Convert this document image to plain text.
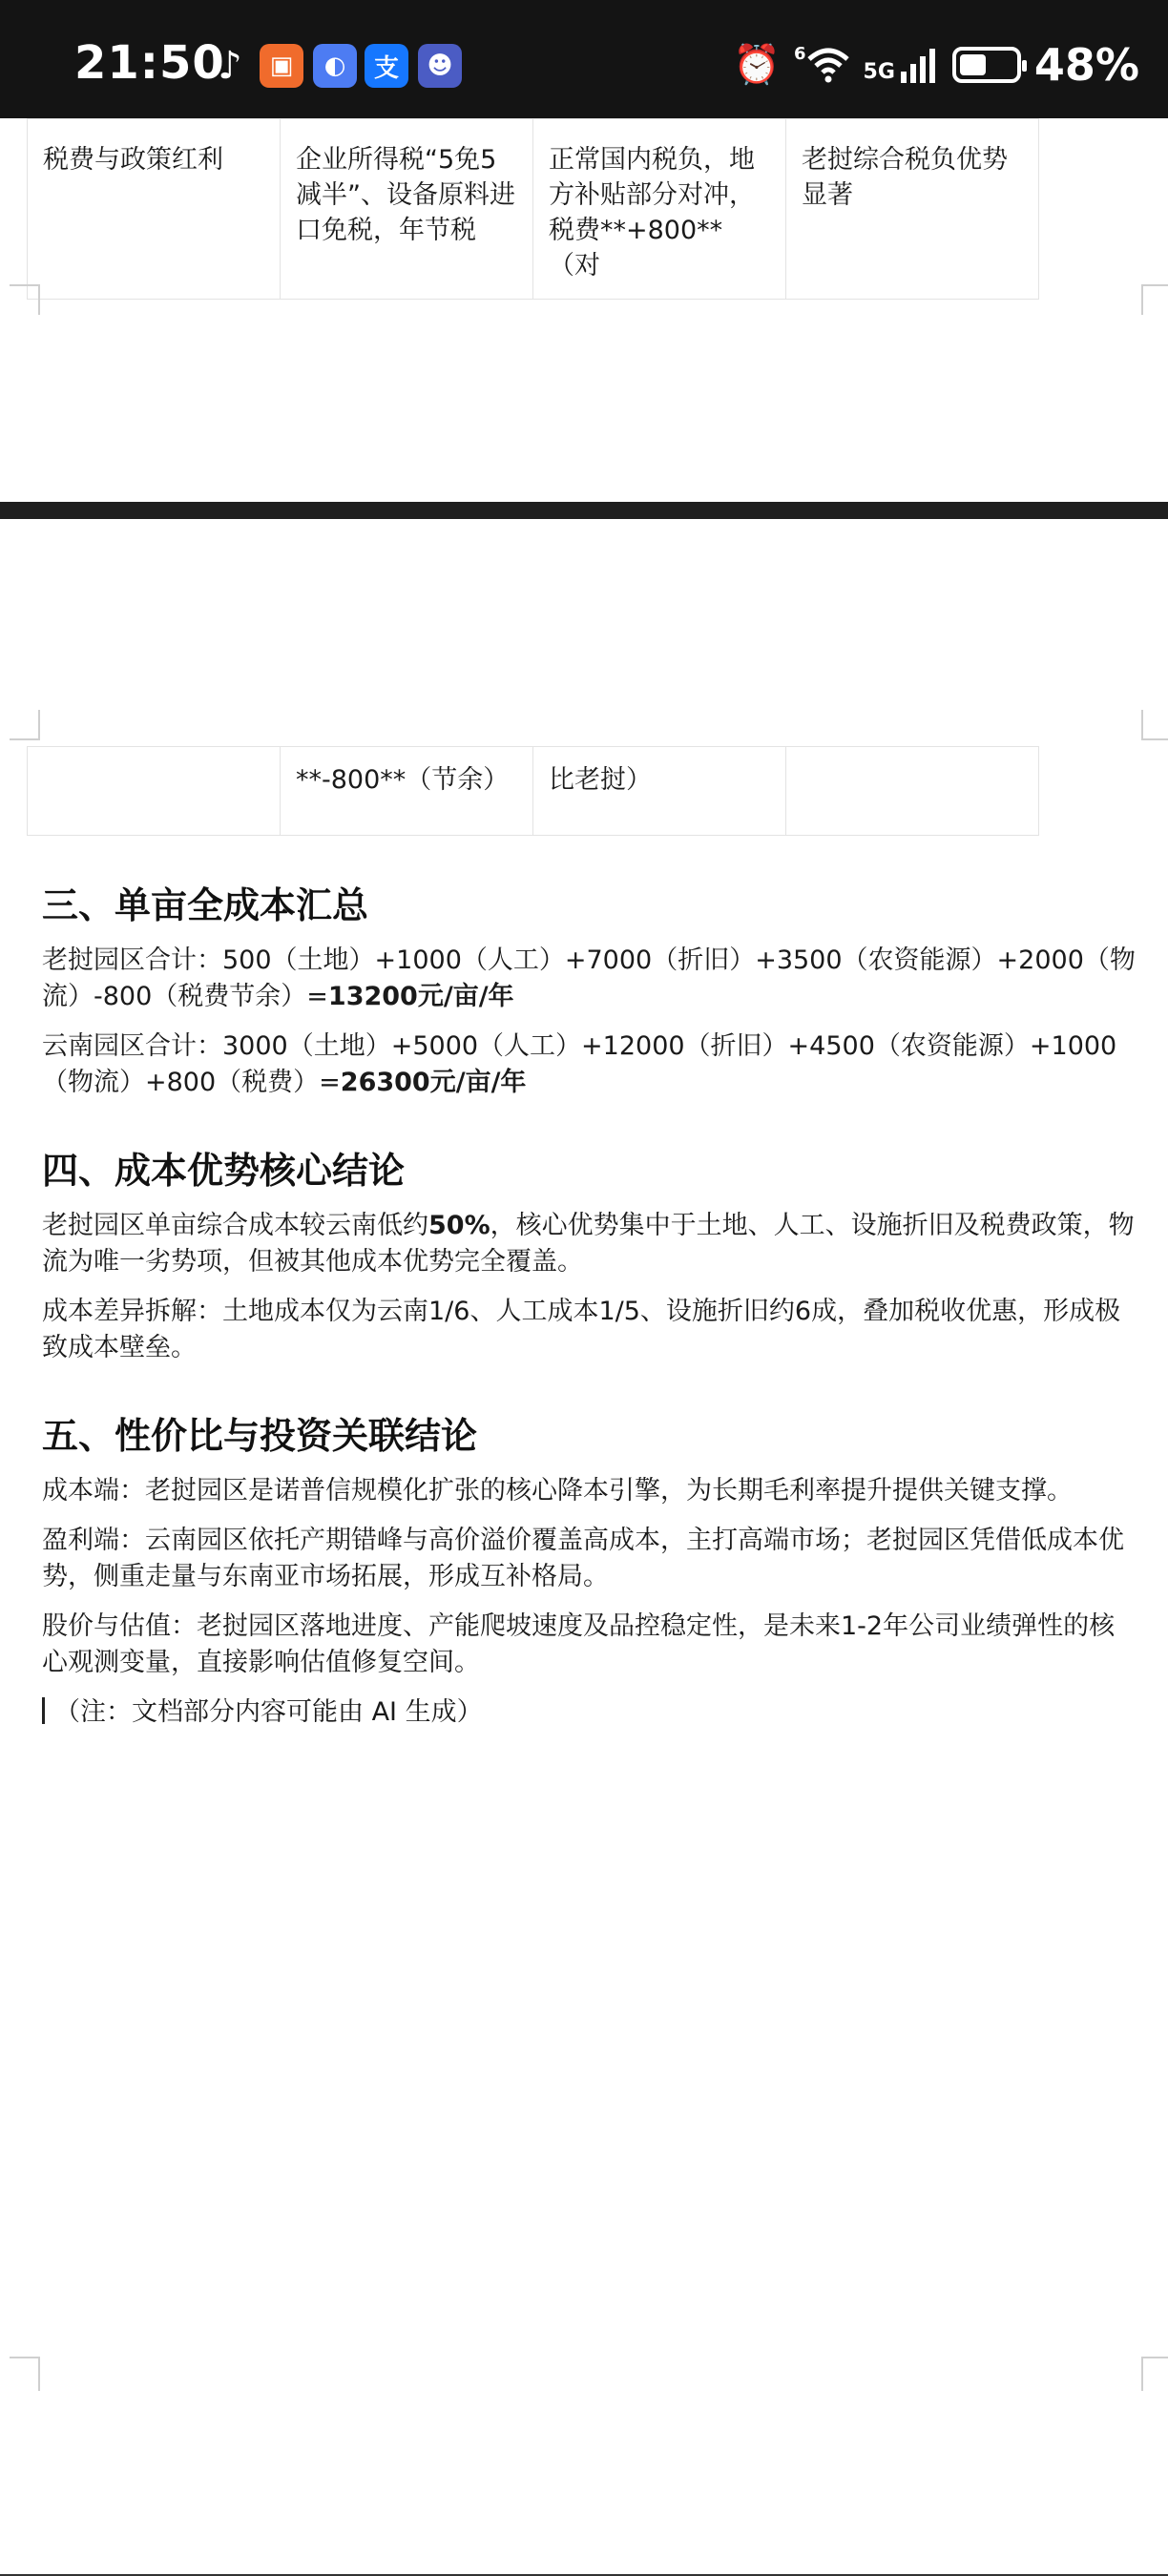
21:50
♪	▣	◐	支	☻	⏰ 6
5G	48%
税费与政策红利	企业所得税“5免5减半”、设备原料进口免税，年节税	正常国内税负，地方补贴部分对冲，税费**+800**（对	老挝综合税负优势显著
	**-800**（节余）	比老挝）	
三、单亩全成本汇总
老挝园区合计：500（土地）+1000（人工）+7000（折旧）+3500（农资能源）+2000（物流）-800（税费节余）=13200元/亩/年
云南园区合计：3000（土地）+5000（人工）+12000（折旧）+4500（农资能源）+1000（物流）+800（税费）=26300元/亩/年
四、成本优势核心结论
老挝园区单亩综合成本较云南低约50%，核心优势集中于土地、人工、设施折旧及税费政策，物流为唯一劣势项，但被其他成本优势完全覆盖。
成本差异拆解：土地成本仅为云南1/6、人工成本1/5、设施折旧约6成，叠加税收优惠，形成极致成本壁垒。
五、性价比与投资关联结论
成本端：老挝园区是诺普信规模化扩张的核心降本引擎，为长期毛利率提升提供关键支撑。
盈利端：云南园区依托产期错峰与高价溢价覆盖高成本，主打高端市场；老挝园区凭借低成本优势，侧重走量与东南亚市场拓展，形成互补格局。
股价与估值：老挝园区落地进度、产能爬坡速度及品控稳定性，是未来1-2年公司业绩弹性的核心观测变量，直接影响估值修复空间。
（注：文档部分内容可能由 AI 生成）
